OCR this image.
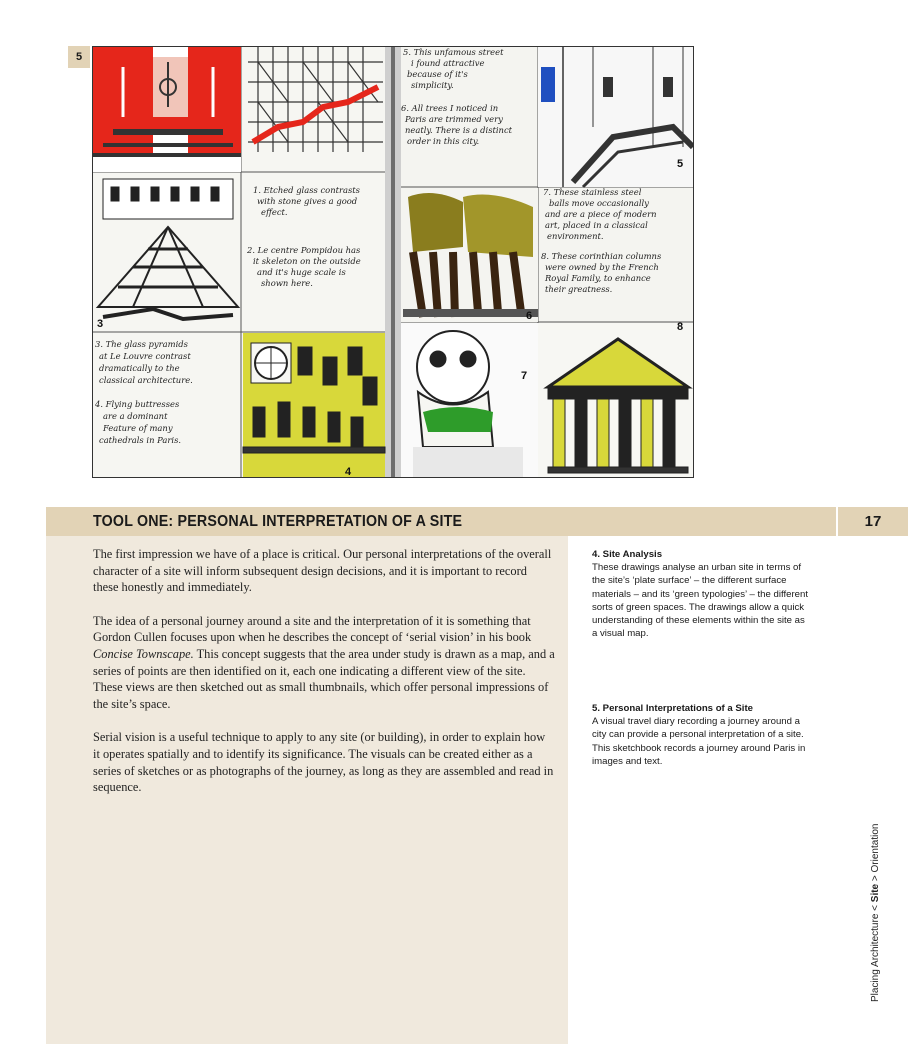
5
3
4
5
6
7
8
1. Etched glass contrasts
with stone gives a good
effect.
2. Le centre Pompidou has
it skeleton on the outside
and it's huge scale is
shown here.
3. The glass pyramids
at Le Louvre contrast
dramatically to the
classical architecture.
4. Flying buttresses
are a dominant
Feature of many
cathedrals in Paris.
5. This unfamous street
i found attractive
because of it's
simplicity.
6. All trees I noticed in
Paris are trimmed very
neatly. There is a distinct
order in this city.
7. These stainless steel
balls move occasionally
and are a piece of modern
art, placed in a classical
environment.
8. These corinthian columns
were owned by the French
Royal Family, to enhance
their greatness.
TOOL ONE: PERSONAL INTERPRETATION OF A SITE	17

The first impression we have of a place is critical. Our personal interpretations of the overall character of a site will inform subsequent design decisions, and it is important to record these honestly and immediately.

The idea of a personal journey around a site and the interpretation of it is something that Gordon Cullen focuses upon when he describes the concept of ‘serial vision’ in his book Concise Townscape. This concept suggests that the area under study is drawn as a map, and a series of points are then identified on it, each one indicating a different view of the site. These views are then sketched out as small thumbnails, which offer personal impressions of the site’s space.

Serial vision is a useful technique to apply to any site (or building), in order to explain how it operates spatially and to identify its significance. The visuals can be created either as a series of sketches or as photographs of the journey, as long as they are assembled and read in sequence.

4. Site Analysis
These drawings analyse an urban site in terms of the site’s ‘plate surface’ – the different surface materials – and its ‘green typologies’ – the different sorts of green spaces. The drawings allow a quick understanding of these elements within the site as a visual map.
5. Personal Interpretations of a Site
A visual travel diary recording a journey around a city can provide a personal interpretation of a site. This sketchbook records a journey around Paris in images and text.
Placing Architecture < Site > Orientation
